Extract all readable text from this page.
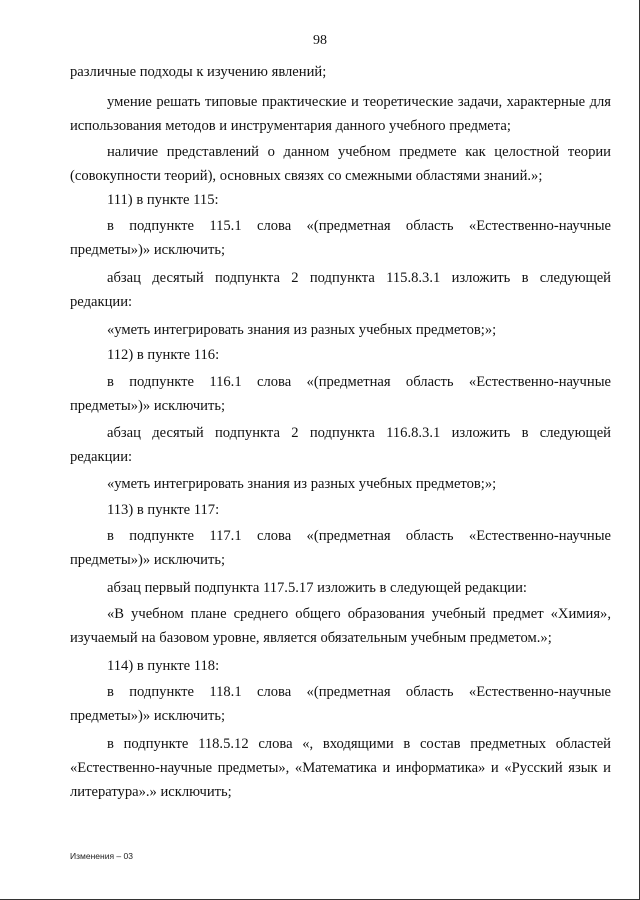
98

различные подходы к изучению явлений;

умение решать типовые практические и теоретические задачи, характерные для использования методов и инструментария данного учебного предмета;

наличие представлений о данном учебном предмете как целостной теории (совокупности теорий), основных связях со смежными областями знаний.»;

111) в пункте 115:

в подпункте 115.1 слова «(предметная область «Естественно-научные предметы»)» исключить;

абзац десятый подпункта 2 подпункта 115.8.3.1 изложить в следующей редакции:

«уметь интегрировать знания из разных учебных предметов;»;

112) в пункте 116:

в подпункте 116.1 слова «(предметная область «Естественно-научные предметы»)» исключить;

абзац десятый подпункта 2 подпункта 116.8.3.1 изложить в следующей редакции:

«уметь интегрировать знания из разных учебных предметов;»;

113) в пункте 117:

в подпункте 117.1 слова «(предметная область «Естественно-научные предметы»)» исключить;

абзац первый подпункта 117.5.17 изложить в следующей редакции:

«В учебном плане среднего общего образования учебный предмет «Химия», изучаемый на базовом уровне, является обязательным учебным предметом.»;

114) в пункте 118:

в подпункте 118.1 слова «(предметная область «Естественно-научные предметы»)» исключить;

в подпункте 118.5.12 слова «, входящими в состав предметных областей «Естественно-научные предметы», «Математика и информатика» и «Русский язык и литература».» исключить;

Изменения – 03
